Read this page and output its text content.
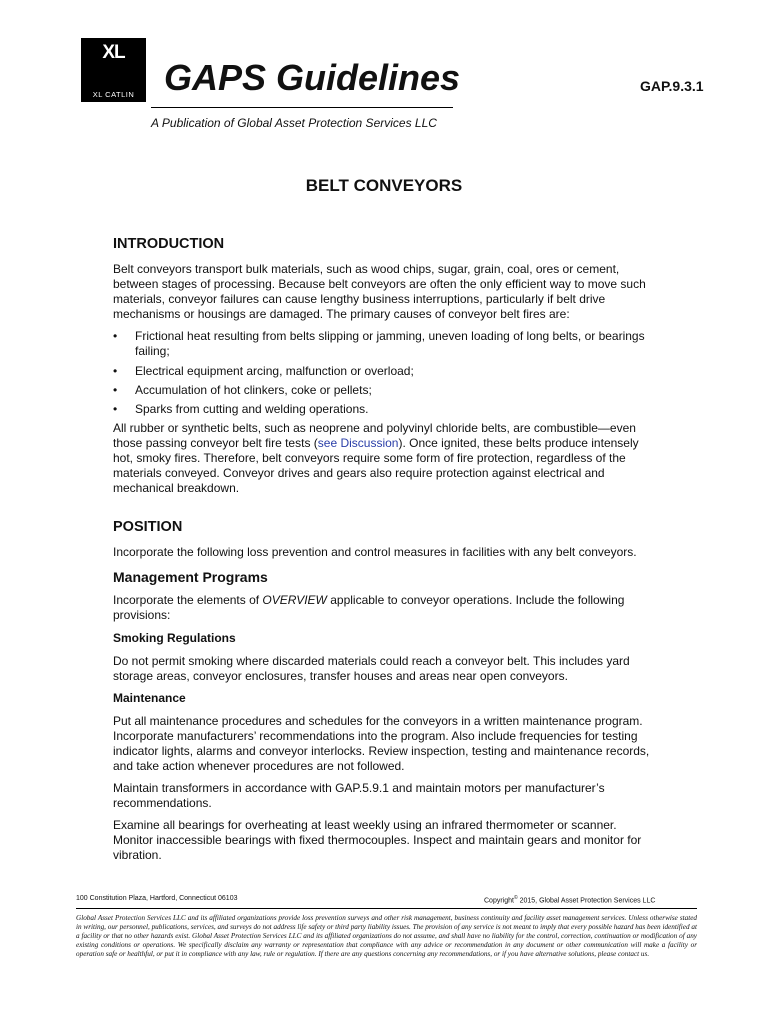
XL
XL CATLIN GAPS Guidelines	GAP.9.3.1
A Publication of Global Asset Protection Services LLC
BELT CONVEYORS
INTRODUCTION
Belt conveyors transport bulk materials, such as wood chips, sugar, grain, coal, ores or cement, between stages of processing. Because belt conveyors are often the only efficient way to move such materials, conveyor failures can cause lengthy business interruptions, particularly if belt drive mechanisms or housings are damaged. The primary causes of conveyor belt fires are:
• Frictional heat resulting from belts slipping or jamming, uneven loading of long belts, or bearings failing;
• Electrical equipment arcing, malfunction or overload;
• Accumulation of hot clinkers, coke or pellets;
• Sparks from cutting and welding operations.
All rubber or synthetic belts, such as neoprene and polyvinyl chloride belts, are combustible—even those passing conveyor belt fire tests (see Discussion). Once ignited, these belts produce intensely hot, smoky fires. Therefore, belt conveyors require some form of fire protection, regardless of the materials conveyed. Conveyor drives and gears also require protection against electrical and mechanical breakdown.
POSITION
Incorporate the following loss prevention and control measures in facilities with any belt conveyors.
Management Programs
Incorporate the elements of OVERVIEW applicable to conveyor operations. Include the following provisions:
Smoking Regulations
Do not permit smoking where discarded materials could reach a conveyor belt. This includes yard storage areas, conveyor enclosures, transfer houses and areas near open conveyors.
Maintenance
Put all maintenance procedures and schedules for the conveyors in a written maintenance program. Incorporate manufacturers’ recommendations into the program. Also include frequencies for testing indicator lights, alarms and conveyor interlocks. Review inspection, testing and maintenance records, and take action whenever procedures are not followed.
Maintain transformers in accordance with GAP.5.9.1 and maintain motors per manufacturer’s recommendations.
Examine all bearings for overheating at least weekly using an infrared thermometer or scanner. Monitor inaccessible bearings with fixed thermocouples. Inspect and maintain gears and monitor for vibration.
100 Constitution Plaza, Hartford, Connecticut 06103	Copyright© 2015, Global Asset Protection Services LLC
Global Asset Protection Services LLC and its affiliated organizations provide loss prevention surveys and other risk management, business continuity and facility asset management services. Unless otherwise stated in writing, our personnel, publications, services, and surveys do not address life safety or third party liability issues. The provision of any service is not meant to imply that every possible hazard has been identified at a facility or that no other hazards exist. Global Asset Protection Services LLC and its affiliated organizations do not assume, and shall have no liability for the control, correction, continuation or modification of any existing conditions or operations. We specifically disclaim any warranty or representation that compliance with any advice or recommendation in any document or other communication will make a facility or operation safe or healthful, or put it in compliance with any law, rule or regulation. If there are any questions concerning any recommendations, or if you have alternative solutions, please contact us.
